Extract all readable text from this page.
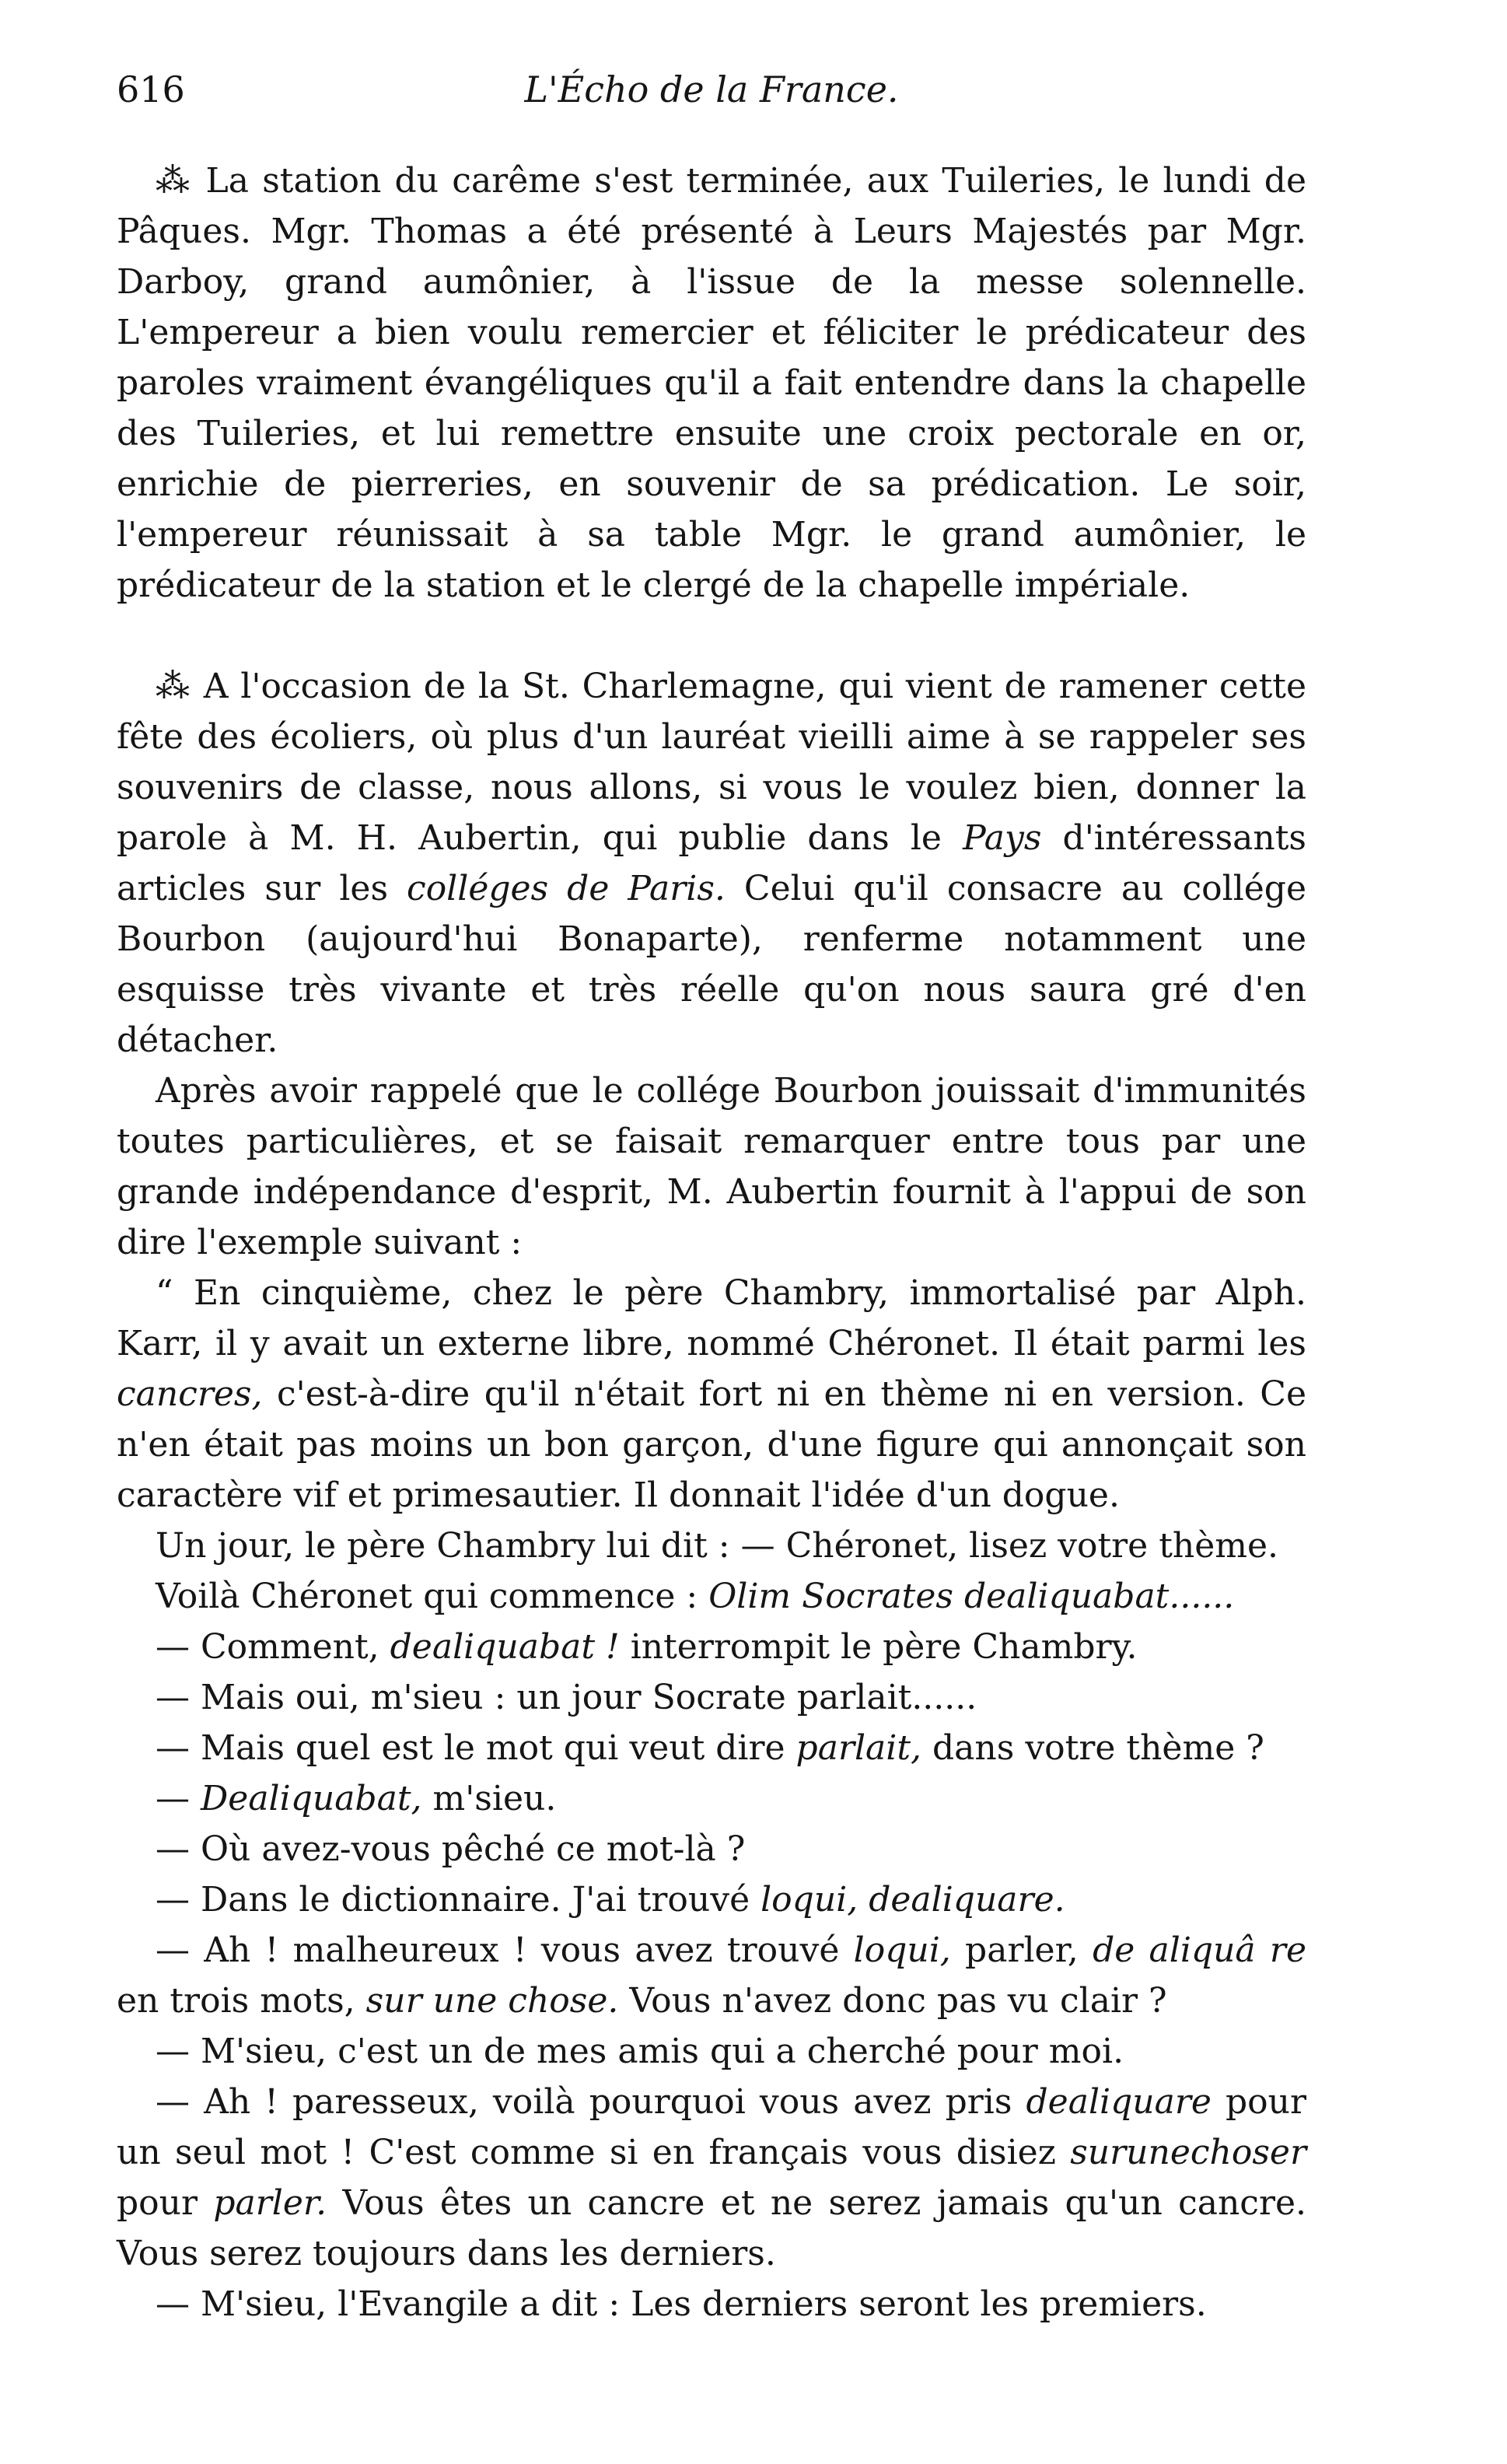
616	L'Écho de la France.

⁂ La station du carême s'est terminée, aux Tuileries, le lundi de Pâques. Mgr. Thomas a été présenté à Leurs Majestés par Mgr. Darboy, grand aumônier, à l'issue de la messe solennelle. L'empereur a bien voulu remercier et féliciter le prédicateur des paroles vraiment évangéliques qu'il a fait entendre dans la chapelle des Tuileries, et lui remettre ensuite une croix pectorale en or, enrichie de pierreries, en souvenir de sa prédication. Le soir, l'empereur réunissait à sa table Mgr. le grand aumônier, le prédicateur de la station et le clergé de la chapelle impériale.

⁂ A l'occasion de la St. Charlemagne, qui vient de ramener cette fête des écoliers, où plus d'un lauréat vieilli aime à se rappeler ses souvenirs de classe, nous allons, si vous le voulez bien, donner la parole à M. H. Aubertin, qui publie dans le Pays d'intéressants articles sur les colléges de Paris. Celui qu'il consacre au collége Bourbon (aujourd'hui Bonaparte), renferme notamment une esquisse très vivante et très réelle qu'on nous saura gré d'en détacher.

Après avoir rappelé que le collége Bourbon jouissait d'immunités toutes particulières, et se faisait remarquer entre tous par une grande indépendance d'esprit, M. Aubertin fournit à l'appui de son dire l'exemple suivant :

“ En cinquième, chez le père Chambry, immortalisé par Alph. Karr, il y avait un externe libre, nommé Chéronet. Il était parmi les cancres, c'est-à-dire qu'il n'était fort ni en thème ni en version. Ce n'en était pas moins un bon garçon, d'une figure qui annonçait son caractère vif et primesautier. Il donnait l'idée d'un dogue.

Un jour, le père Chambry lui dit : — Chéronet, lisez votre thème.

Voilà Chéronet qui commence : Olim Socrates dealiquabat......

— Comment, dealiquabat ! interrompit le père Chambry.

— Mais oui, m'sieu : un jour Socrate parlait......

— Mais quel est le mot qui veut dire parlait, dans votre thème ?

— Dealiquabat, m'sieu.

— Où avez-vous pêché ce mot-là ?

— Dans le dictionnaire. J'ai trouvé loqui, dealiquare.

— Ah ! malheureux ! vous avez trouvé loqui, parler, de aliquâ re en trois mots, sur une chose. Vous n'avez donc pas vu clair ?

— M'sieu, c'est un de mes amis qui a cherché pour moi.

— Ah ! paresseux, voilà pourquoi vous avez pris dealiquare pour un seul mot ! C'est comme si en français vous disiez surunechoser pour parler. Vous êtes un cancre et ne serez jamais qu'un cancre. Vous serez toujours dans les derniers.

— M'sieu, l'Evangile a dit : Les derniers seront les premiers.
